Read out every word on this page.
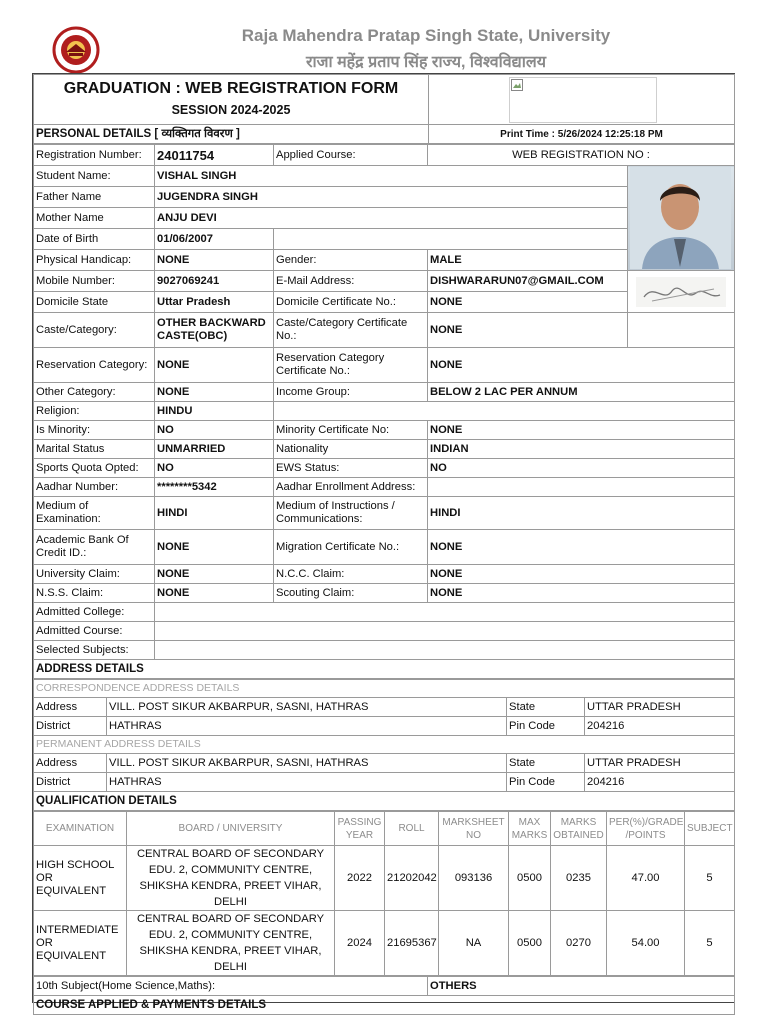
Raja Mahendra Pratap Singh State, University
राजा महेंद्र प्रताप सिंह राज्य, विश्वविद्यालय
GRADUATION : WEB REGISTRATION FORM
SESSION 2024-2025

PERSONAL DETAILS [ व्यक्तिगत विवरण ]	Print Time : 5/26/2024 12:25:18 PM
Registration Number:	24011754	Applied Course:	WEB REGISTRATION NO :	
Student Name:	VISHAL SINGH	

Father Name	JUGENDRA SINGH			
Mother Name	ANJU DEVI			
Date of Birth	01/06/2007			
Physical Handicap:	NONE	Gender:	MALE	
Mobile Number:	9027069241	E-Mail Address:	DISHWARARUN07@GMAIL.COM	

Domicile State	Uttar Pradesh	Domicile Certificate No.:	NONE	
Caste/Category:	OTHER BACKWARD CASTE(OBC)	Caste/Category Certificate No.:	NONE	
Reservation Category:	NONE	Reservation Category Certificate No.:	NONE	
Other Category:	NONE	Income Group:	BELOW 2 LAC PER ANNUM	
Religion:	HINDU			
Is Minority:	NO	Minority Certificate No:	NONE	
Marital Status	UNMARRIED	Nationality	INDIAN	
Sports Quota Opted:	NO	EWS Status:	NO	
Aadhar Number:	********5342	Aadhar Enrollment Address:		
Medium of Examination:	HINDI	Medium of Instructions / Communications:	HINDI	
Academic Bank Of Credit ID.:	NONE	Migration Certificate No.:	NONE	
University Claim:	NONE	N.C.C. Claim:	NONE	
N.S.S. Claim:	NONE	Scouting Claim:	NONE	
Admitted College:				
Admitted Course:				
Selected Subjects:				
ADDRESS DETAILS				
CORRESPONDENCE ADDRESS DETAILS			
Address	VILL. POST SIKUR AKBARPUR, SASNI, HATHRAS	State	UTTAR PRADESH
District	HATHRAS	Pin Code	204216
PERMANENT ADDRESS DETAILS			
Address	VILL. POST SIKUR AKBARPUR, SASNI, HATHRAS	State	UTTAR PRADESH
District	HATHRAS	Pin Code	204216
QUALIFICATION DETAILS			
EXAMINATION	BOARD / UNIVERSITY	PASSING YEAR	ROLL	MARKSHEET NO	MAX MARKS	MARKS OBTAINED	PER(%)/GRADE /POINTS	SUBJECT
HIGH SCHOOL OR EQUIVALENT	CENTRAL BOARD OF SECONDARY EDU. 2, COMMUNITY CENTRE, SHIKSHA KENDRA, PREET VIHAR, DELHI	2022	21202042	093136	0500	0235	47.00	5
INTERMEDIATE OR EQUIVALENT	CENTRAL BOARD OF SECONDARY EDU. 2, COMMUNITY CENTRE, SHIKSHA KENDRA, PREET VIHAR, DELHI	2024	21695367	NA	0500	0270	54.00	5
10th Subject(Home Science,Maths):	OTHERS
COURSE APPLIED & PAYMENTS DETAILS
